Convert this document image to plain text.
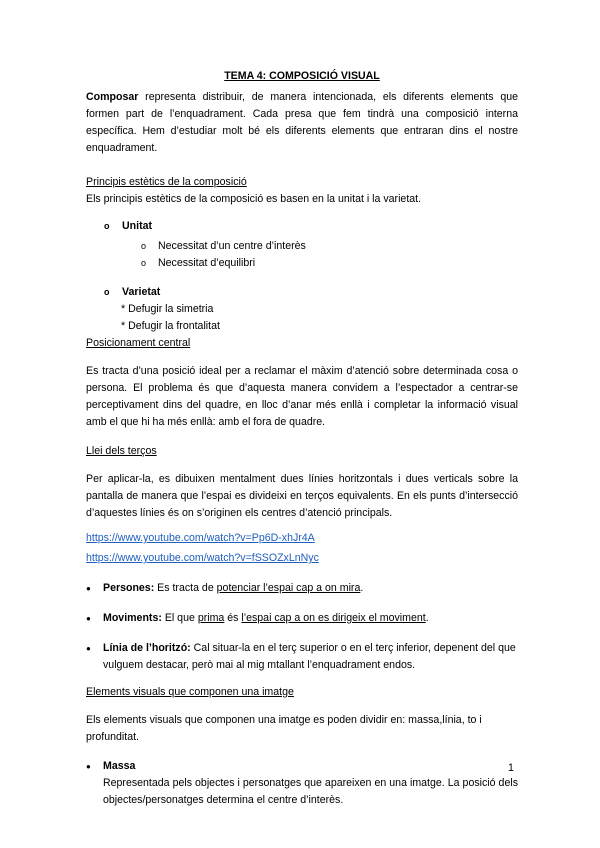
TEMA 4: COMPOSICIÓ VISUAL

Composar representa distribuir, de manera intencionada, els diferents elements que formen part de l’enquadrament. Cada presa que fem tindrà una composició interna específica. Hem d’estudiar molt bé els diferents elements que entraran dins el nostre enquadrament.

Principis estètics de la composició

Els principis estètics de la composició es basen en la unitat i la varietat.

o Unitat
o Necessitat d’un centre d’interès
o Necessitat d’equilibri
o Varietat
* Defugir la simetria
* Defugir la frontalitat

Posicionament central

Es tracta d’una posició ideal per a reclamar el màxim d’atenció sobre determinada cosa o persona. El problema és que d’aquesta manera convidem a l’espectador a centrar-se perceptivament dins del quadre, en lloc d’anar més enllà i completar la informació visual amb el que hi ha més enllà: amb el fora de quadre.

Llei dels terços

Per aplicar-la, es dibuixen mentalment dues línies horitzontals i dues verticals sobre la pantalla de manera que l’espai es divideixi en terços equivalents. En els punts d’intersecció d’aquestes línies és on s’originen els centres d’atenció principals.

https://www.youtube.com/watch?v=Pp6D-xhJr4A
https://www.youtube.com/watch?v=fSSOZxLnNyc
● Persones: Es tracta de potenciar l’espai cap a on mira.
● Moviments: El que prima és l’espai cap a on es dirigeix el moviment.
● Línia de l’horitzó: Cal situar-la en el terç superior o en el terç inferior, depenent del que vulguem destacar, però mai al mig mtallant l’enquadrament endos.

Elements visuals que componen una imatge

Els elements visuals que componen una imatge es poden dividir en: massa,línia, to i profunditat.

● Massa
Representada pels objectes i personatges que apareixen en una imatge. La posició dels objectes/personatges determina el centre d’interès.
1
